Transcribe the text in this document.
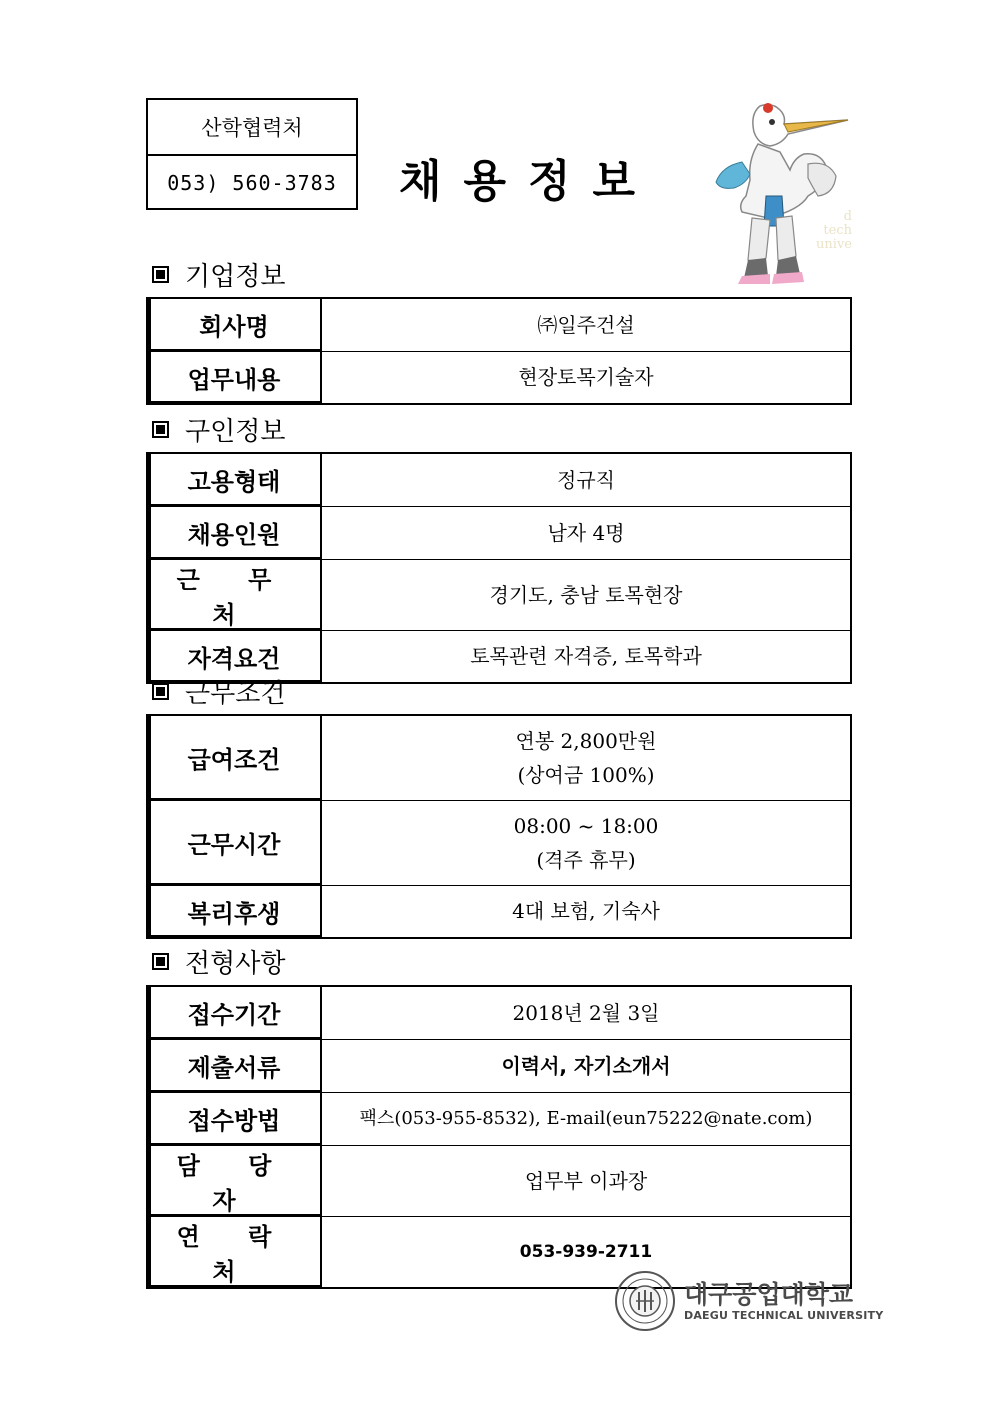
산학협력처
053) 560-3783	채용정보
d
tech
unive
기업정보
회사명	㈜일주건설
업무내용	현장토목기술자
구인정보
고용형태	정규직
채용인원	남자 4명
근 무 처	경기도, 충남 토목현장
자격요건	토목관련 자격증, 토목학과
근무조건
급여조건	연봉 2,800만원
(상여금 100%)

근무시간	08:00 ~ 18:00
(격주 휴무)

복리후생	4대 보험, 기숙사
전형사항
접수기간	2018년 2월 3일
제출서류	이력서, 자기소개서
접수방법	팩스(053-955-8532), E-mail(eun75222@nate.com)
담 당 자	업무부 이과장
연 락 처	053-939-2711
대구공업대학교
DAEGU TECHNICAL UNIVERSITY
